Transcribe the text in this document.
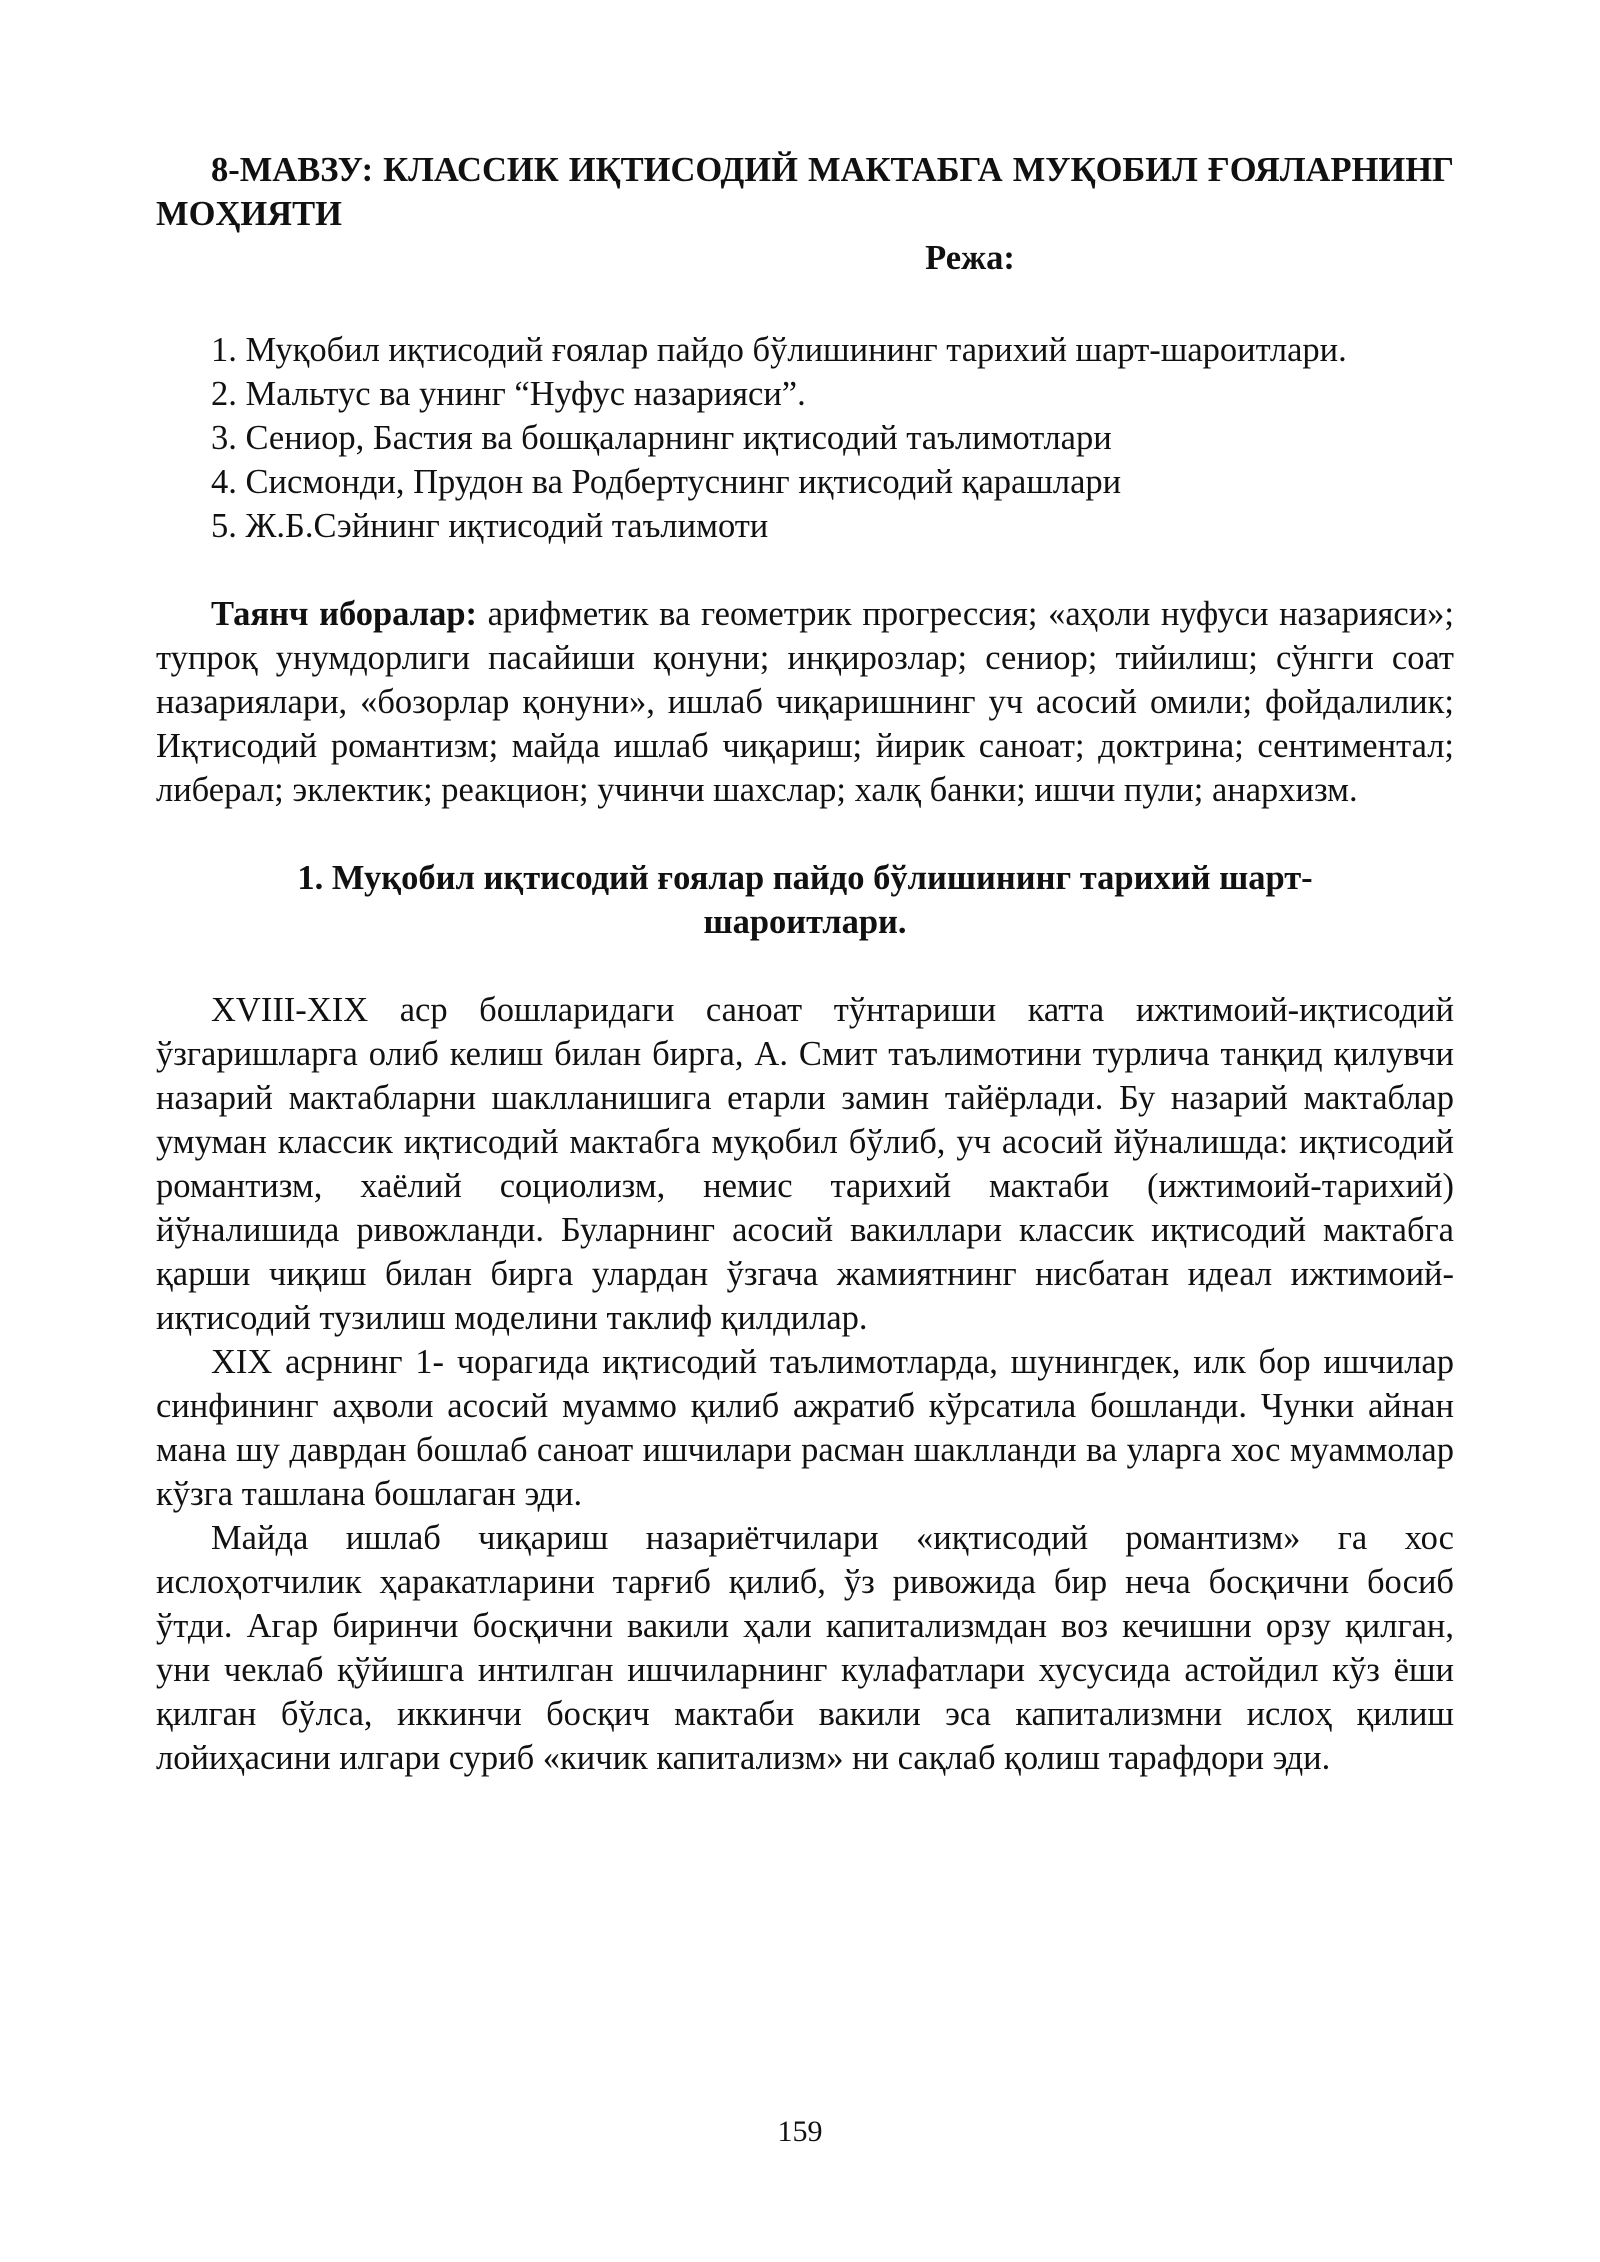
8-МАВЗУ: КЛАССИК ИҚТИСОДИЙ МАКТАБГА МУҚОБИЛ ҒОЯЛАРНИНГ МОҲИЯТИ

Режа:

1. Муқобил иқтисодий ғоялар пайдо бўлишининг тарихий шарт-шароитлари.
2. Мальтус ва унинг “Нуфус назарияси”.
3. Сениор, Бастия ва бошқаларнинг иқтисодий таълимотлари
4. Сисмонди, Прудон ва Родбертуснинг иқтисодий қарашлари
5. Ж.Б.Сэйнинг иқтисодий таълимоти

Таянч иборалар: арифметик ва геометрик прогрессия; «аҳоли нуфуси назарияси»; тупроқ унумдорлиги пасайиши қонуни; инқирозлар; сениор; тийилиш; сўнгги соат назариялари, «бозорлар қонуни», ишлаб чиқаришнинг уч асосий омили; фойдалилик; Иқтисодий романтизм; майда ишлаб чиқариш; йирик саноат; доктрина; сентиментал; либерал; эклектик; реакцион; учинчи шахслар; халқ банки; ишчи пули; анархизм.

1. Муқобил иқтисодий ғоялар пайдо бўлишининг тарихий шарт-шароитлари.

XVIII-XIX аср бошларидаги саноат тўнтариши катта ижтимоий-иқтисодий ўзгаришларга олиб келиш билан бирга, А. Смит таълимотини турлича танқид қилувчи назарий мактабларни шаклланишига етарли замин тайёрлади. Бу назарий мактаблар умуман классик иқтисодий мактабга муқобил бўлиб, уч асосий йўналишда: иқтисодий романтизм, хаёлий социолизм, немис тарихий мактаби (ижтимоий-тарихий) йўналишида ривожланди. Буларнинг асосий вакиллари классик иқтисодий мактабга қарши чиқиш билан бирга улардан ўзгача жамиятнинг нисбатан идеал ижтимоий-иқтисодий тузилиш моделини таклиф қилдилар.

XIX асрнинг 1- чорагида иқтисодий таълимотларда, шунингдек, илк бор ишчилар синфининг аҳволи асосий муаммо қилиб ажратиб кўрсатила бошланди. Чунки айнан мана шу даврдан бошлаб саноат ишчилари расман шаклланди ва уларга хос муаммолар кўзга ташлана бошлаган эди.

Майда ишлаб чиқариш назариётчилари «иқтисодий романтизм» га хос ислоҳотчилик ҳаракатларини тарғиб қилиб, ўз ривожида бир неча босқични босиб ўтди. Агар биринчи босқични вакили ҳали капитализмдан воз кечишни орзу қилган, уни чеклаб қўйишга интилган ишчиларнинг кулафатлари хусусида астойдил кўз ёши қилган бўлса, иккинчи босқич мактаби вакили эса капитализмни ислоҳ қилиш лойиҳасини илгари суриб «кичик капитализм» ни сақлаб қолиш тарафдори эди.

159
